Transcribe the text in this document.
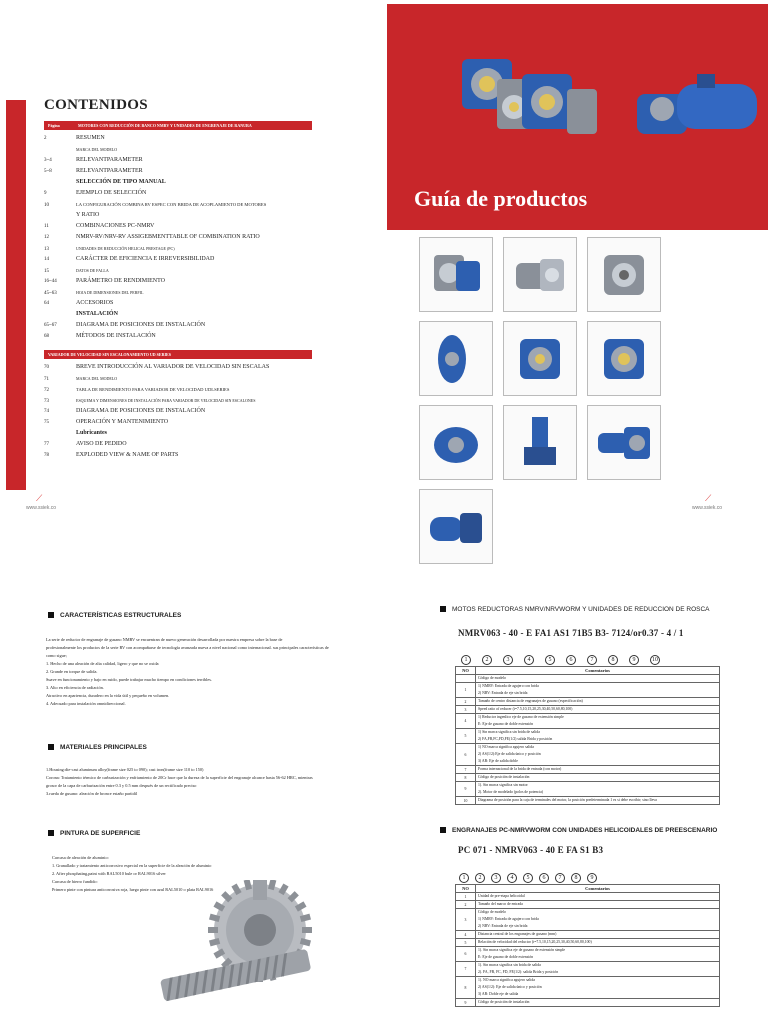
CONTENIDOS
Página	MOTORES CON REDUCCIÓN DE BANCO NMRV Y UNIDADES DE ENGRENAJE DE RANURA
2	RESUMEN
MARCA DEL MODELO
3~4	RELEVANTPARAMETER
5~8	RELEVANTPARAMETER
SELECCIÓN DE TIPO MANUAL
9	EJEMPLO DE SELECCIÓN
10	LA CONFIGURACIÓN COMBINA RV ESPEC CON BRIDA DE ACOPLAMIENTO DE MOTORES
Y RATIO
11	COMBINACIONES PC-NMRV
12	NMRV-RV/NRV-RV ASSIGEBMENTTABLE OF COMBINATION RATIO
13	UNIDADES DE REDUCCIÓN HELICAL PRESTAGE (PC)
14	CARÁCTER DE EFICIENCIA E IRREVERSIBILIDAD
15	DATOS DE FALLA
16~44	PARÁMETRO DE RENDIMIENTO
45~63	HOJA DE DIMENSIONES DEL PERFIL
64	ACCESORIOS
INSTALACIÓN
65~67	DIAGRAMA DE POSICIONES DE INSTALACIÓN
68	MÉTODOS DE INSTALACIÓN
VARIADOR DE VELOCIDAD SIN ESCALONAMIENTO UD SERIES
70	BREVE INTRODUCCIÓN AL VARIADOR DE VELOCIDAD SIN ESCALAS
71	MARCA DEL MODELO
72	TABLA DE RENDIMIENTO PARA VARIADOR DE VELOCIDAD UDLSERIES
73	ESQUEMA Y DIMENSIONES DE INSTALACIÓN PARA VARIADOR DE VELOCIDAD SIN ESCALONES
74	DIAGRAMA DE POSICIONES DE INSTALACIÓN
75	OPERACIÓN Y MANTENIMIENTO
Lubricantes
77	AVISO DE PEDIDO
78	EXPLODED VIEW & NAME OF PARTS
⟋
www.ssiek.co
Guía de productos
⟋
www.ssiek.co
CARACTERÍSTICAS ESTRUCTURALES
La serie de reductor de engranaje de gusano NMRV se encuentran de nuevo generación desarrollada por nuestra empresa sobre la base de
profesionalmente los productos de la serie RV con acompañarse de tecnología avanzada nueva a nivel nacional como internacional. sus principales características de
como sigue;
1. Hecho de una aleación de alta calidad, ligero y que no se oxida
2. Grande en torque de salida.
Suave en funcionamiento y bajo en ruido, puede trabajar mucho tiempo en condiciones terribles.
3. Alto en eficiencia de radiación.
Atractivo en apariencia, duradero en la vida útil y pequeño en volumen.
4. Adecuado para instalación omnidireccional.
MATERIALES PRINCIPALES
1.Housing:die-cast aluminum alloy(frame size 025 to 090); cast iron(frame size 110 to 150)
Corona: Tratamiento térmico de carburización y enfriamiento de 20Cr hace que la dureza de la superficie del engranaje alcance hasta 56-62 HRC, mientras
grosor de la capa de carburización entre 0.3 y 0.5 mm después de un rectificado preciso
3.rueda de gusano: aleación de bronce estaño partidil
PINTURA DE SUPERFICIE
Carcasa de aleación de aluminio:
1. Granallado y tratamiento anticorrosivo especial en la superficie de la aleación de aluminio
2. After phosphating,paint with RAL5010 bule or RAL9016 silver
Carcasa de hierro fundido:
Primero pinte con pintura anticorrosiva roja, luego pinte con azul RAL5010 o plata RAL9016
MOTOS REDUCTORAS NMRV/NRVWORM Y UNIDADES DE REDUCCION DE ROSCA
NMRV063 - 40 - E FA1 AS1 71B5 B3- 7124/or0.37 - 4 / 1
1	2	3	4	5	6	7	8	9	10
NO	Comentarios

	Código de modelo

1	1) NMRV: Entrada de agujero con brida
2) NRV: Entrada de eje sin brida

2	Tamaño de centro distancia de engranajes de gusano (especificación)

3	Speed ratio of reducer (i=7.5,10,15,20,25,30,40,50,60,80,100)

4	1) Reductor ingenlico eje de gusano de extensión simple
E: Eje de gusano de doble extensión

5	1) Sin marca significa sin brida de salida
2) FA,FB,FC,FD,FE(1/2) salida Brida y posición

6	1) NO marca significa agujero salida
2) AS(1/2):Eje de salida único y posición
3) AB: Eje de salida doble

7	Forma internacional de la brida de entrada (con motor)

8	Código de posición de instalación

9	1). Sin marca significa sin motor
2). Motor de modelado (polos de potencia)

10	Diagrama de posición para la caja de terminales del motor, la posición predeterminada 1 es si debe escribir; sino lleva
ENGRANAJES PC-NMRVWORM CON UNIDADES HELICOIDALES DE PREESCENARIO
PC 071 - NMRV063 - 40 E FA S1 B3
1 2 3 4 5 6 7 8 9
NO	Comentarios
1	Unidad de pre-etapa helicoidal

2	Tamaño del marco de entrada

3	Código de modelo
1) NMRV: Entrada de agujero con brida
2) NRV: Entrada de eje sin brida

4	Distancia central de los engranajes de gusano (mm)

5	Relación de velocidad del reductor (i=7.5,10,15,20,25,30,40,50,60,80,100)

6	1). Sin marca significa eje de gusano de extensión simple
E: Eje de gusano de doble extensión

7	1). Sin marca significa sin brida de salida
2). FA, FB, FC, FD, FE(1/2): salida Brida y posición

8	1). NO marca significa agujero salida
2) AS(1/2): Eje de salida único y posición
3) AB: Doble eje de salida

9	Código de posición de instalación
